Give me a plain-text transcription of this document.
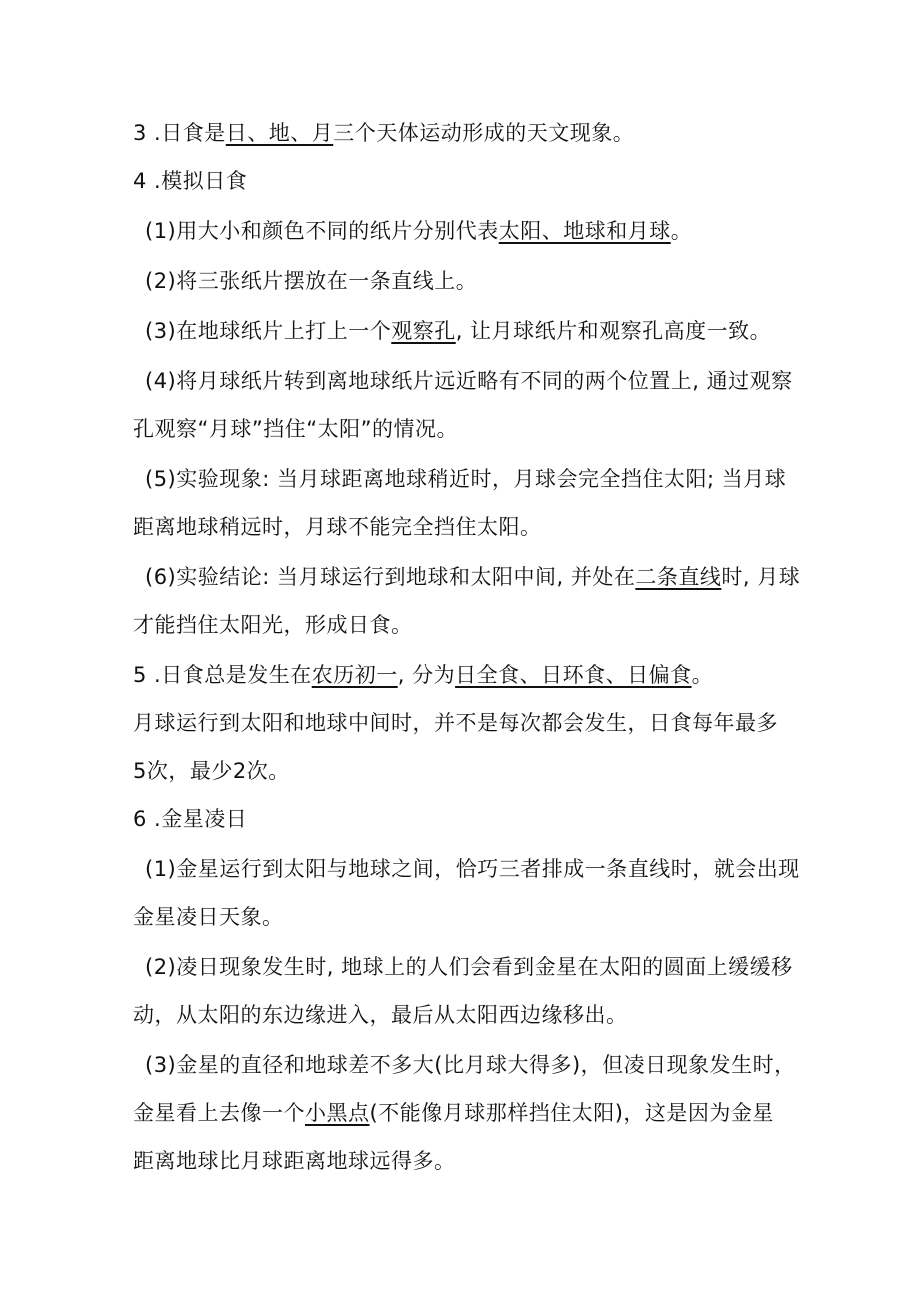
3 .日食是日、地、月三个天体运动形成的天文现象。
4 .模拟日食
(1)用大小和颜色不同的纸片分别代表太阳、地球和月球。
(2)将三张纸片摆放在一条直线上。
(3)在地球纸片上打上一个观察孔, 让月球纸片和观察孔高度一致。
(4)将月球纸片转到离地球纸片远近略有不同的两个位置上, 通过观察
孔观察“月球”挡住“太阳”的情况。
(5)实验现象: 当月球距离地球稍近时，月球会完全挡住太阳; 当月球
距离地球稍远时，月球不能完全挡住太阳。
(6)实验结论: 当月球运行到地球和太阳中间, 并处在二条直线时, 月球
才能挡住太阳光，形成日食。
5 .日食总是发生在农历初一, 分为日全食、日环食、日偏食。
月球运行到太阳和地球中间时，并不是每次都会发生，日食每年最多
5次，最少2次。
6 .金星凌日
(1)金星运行到太阳与地球之间，恰巧三者排成一条直线时，就会出现
金星凌日天象。
(2)凌日现象发生时, 地球上的人们会看到金星在太阳的圆面上缓缓移
动，从太阳的东边缘进入，最后从太阳西边缘移出。
(3)金星的直径和地球差不多大(比月球大得多)，但凌日现象发生时，
金星看上去像一个小黑点(不能像月球那样挡住太阳)，这是因为金星
距离地球比月球距离地球远得多。
